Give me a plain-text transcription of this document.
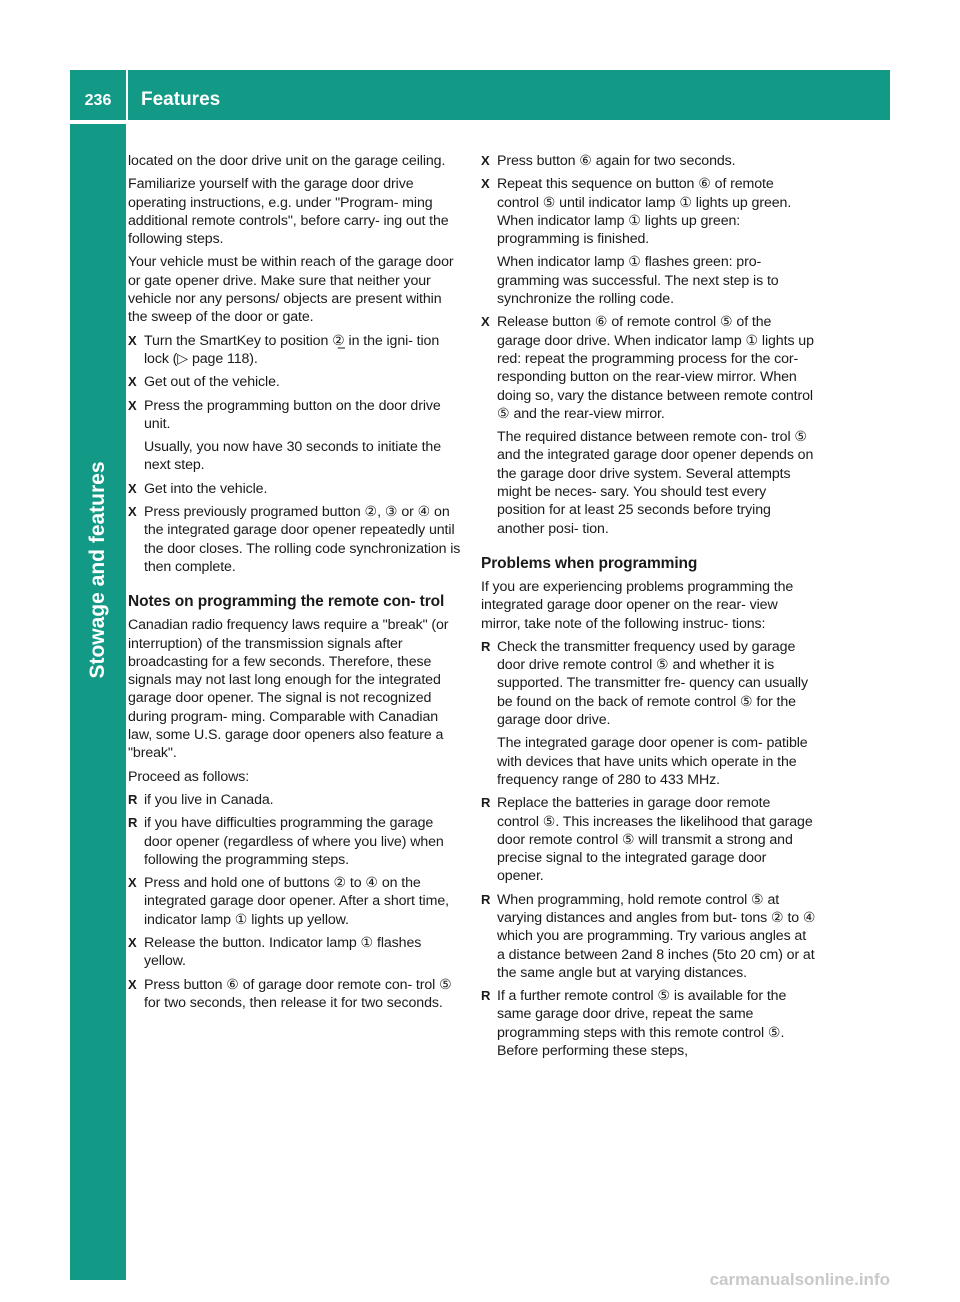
236	Features
Stowage and features

located on the door drive unit on the garage ceiling.

Familiarize yourself with the garage door drive operating instructions, e.g. under "Program- ming additional remote controls", before carry- ing out the following steps.

Your vehicle must be within reach of the garage door or gate opener drive. Make sure that neither your vehicle nor any persons/ objects are present within the sweep of the door or gate.

X Turn the SmartKey to position ②̲ in the igni- tion lock (▷ page 118).

X Get out of the vehicle.

X Press the programming button on the door drive unit.

Usually, you now have 30 seconds to initiate the next step.

X Get into the vehicle.

X Press previously programed button ②, ③ or ④ on the integrated garage door opener repeatedly until the door closes. The rolling code synchronization is then complete.

Notes on programming the remote con- trol

Canadian radio frequency laws require a "break" (or interruption) of the transmission signals after broadcasting for a few seconds. Therefore, these signals may not last long enough for the integrated garage door opener. The signal is not recognized during program- ming. Comparable with Canadian law, some U.S. garage door openers also feature a "break".

Proceed as follows:

R if you live in Canada.

R if you have difficulties programming the garage door opener (regardless of where you live) when following the programming steps.

X Press and hold one of buttons ② to ④ on the integrated garage door opener. After a short time, indicator lamp ① lights up yellow.

X Release the button. Indicator lamp ① flashes yellow.

X Press button ⑥ of garage door remote con- trol ⑤ for two seconds, then release it for two seconds.

X Press button ⑥ again for two seconds.

X Repeat this sequence on button ⑥ of remote control ⑤ until indicator lamp ① lights up green. When indicator lamp ① lights up green: programming is finished.

When indicator lamp ① flashes green: pro- gramming was successful. The next step is to synchronize the rolling code.

X Release button ⑥ of remote control ⑤ of the garage door drive. When indicator lamp ① lights up red: repeat the programming process for the cor- responding button on the rear-view mirror. When doing so, vary the distance between remote control ⑤ and the rear-view mirror.

The required distance between remote con- trol ⑤ and the integrated garage door opener depends on the garage door drive system. Several attempts might be neces- sary. You should test every position for at least 25 seconds before trying another posi- tion.

Problems when programming

If you are experiencing problems programming the integrated garage door opener on the rear- view mirror, take note of the following instruc- tions:

R Check the transmitter frequency used by garage door drive remote control ⑤ and whether it is supported. The transmitter fre- quency can usually be found on the back of remote control ⑤ for the garage door drive.

The integrated garage door opener is com- patible with devices that have units which operate in the frequency range of 280 to 433 MHz.

R Replace the batteries in garage door remote control ⑤. This increases the likelihood that garage door remote control ⑤ will transmit a strong and precise signal to the integrated garage door opener.

R When programming, hold remote control ⑤ at varying distances and angles from but- tons ② to ④ which you are programming. Try various angles at a distance between 2and 8 inches (5to 20 cm) or at the same angle but at varying distances.

R If a further remote control ⑤ is available for the same garage door drive, repeat the same programming steps with this remote control ⑤. Before performing these steps,

carmanualsonline.info
